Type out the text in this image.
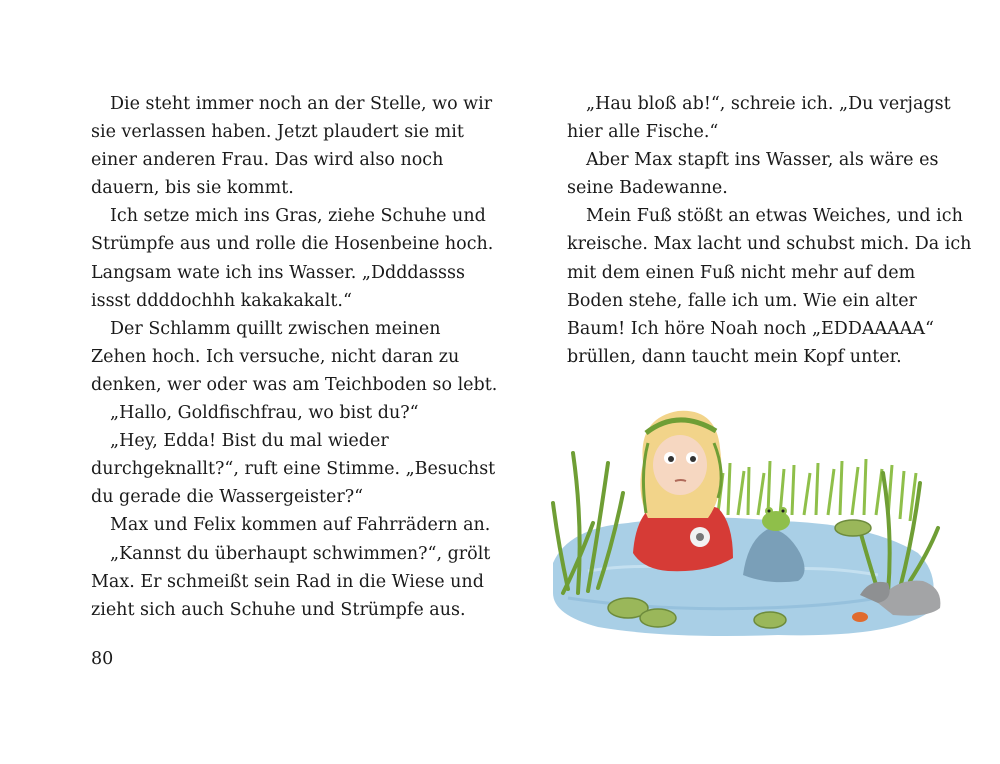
Die steht immer noch an der Stelle, wo wir
sie verlassen haben. Jetzt plaudert sie mit
einer anderen Frau. Das wird also noch
dauern, bis sie kommt.
Ich setze mich ins Gras, ziehe Schuhe und
Strümpfe aus und rolle die Hosenbeine hoch.
Langsam wate ich ins Wasser. „Ddddassss
issst ddddochhh kakakakalt.“
Der Schlamm quillt zwischen meinen
Zehen hoch. Ich versuche, nicht daran zu
denken, wer oder was am Teichboden so lebt.
„Hallo, Goldfischfrau, wo bist du?“
„Hey, Edda! Bist du mal wieder
durchgeknallt?“, ruft eine Stimme. „Besuchst
du gerade die Wassergeister?“
Max und Felix kommen auf Fahrrädern an.
„Kannst du überhaupt schwimmen?“, grölt
Max. Er schmeißt sein Rad in die Wiese und
zieht sich auch Schuhe und Strümpfe aus.
„Hau bloß ab!“, schreie ich. „Du verjagst
hier alle Fische.“
Aber Max stapft ins Wasser, als wäre es
seine Badewanne.
Mein Fuß stößt an etwas Weiches, und ich
kreische. Max lacht und schubst mich. Da ich
mit dem einen Fuß nicht mehr auf dem
Boden stehe, falle ich um. Wie ein alter
Baum! Ich höre Noah noch „EDDAAAAA“
brüllen, dann taucht mein Kopf unter.
80
